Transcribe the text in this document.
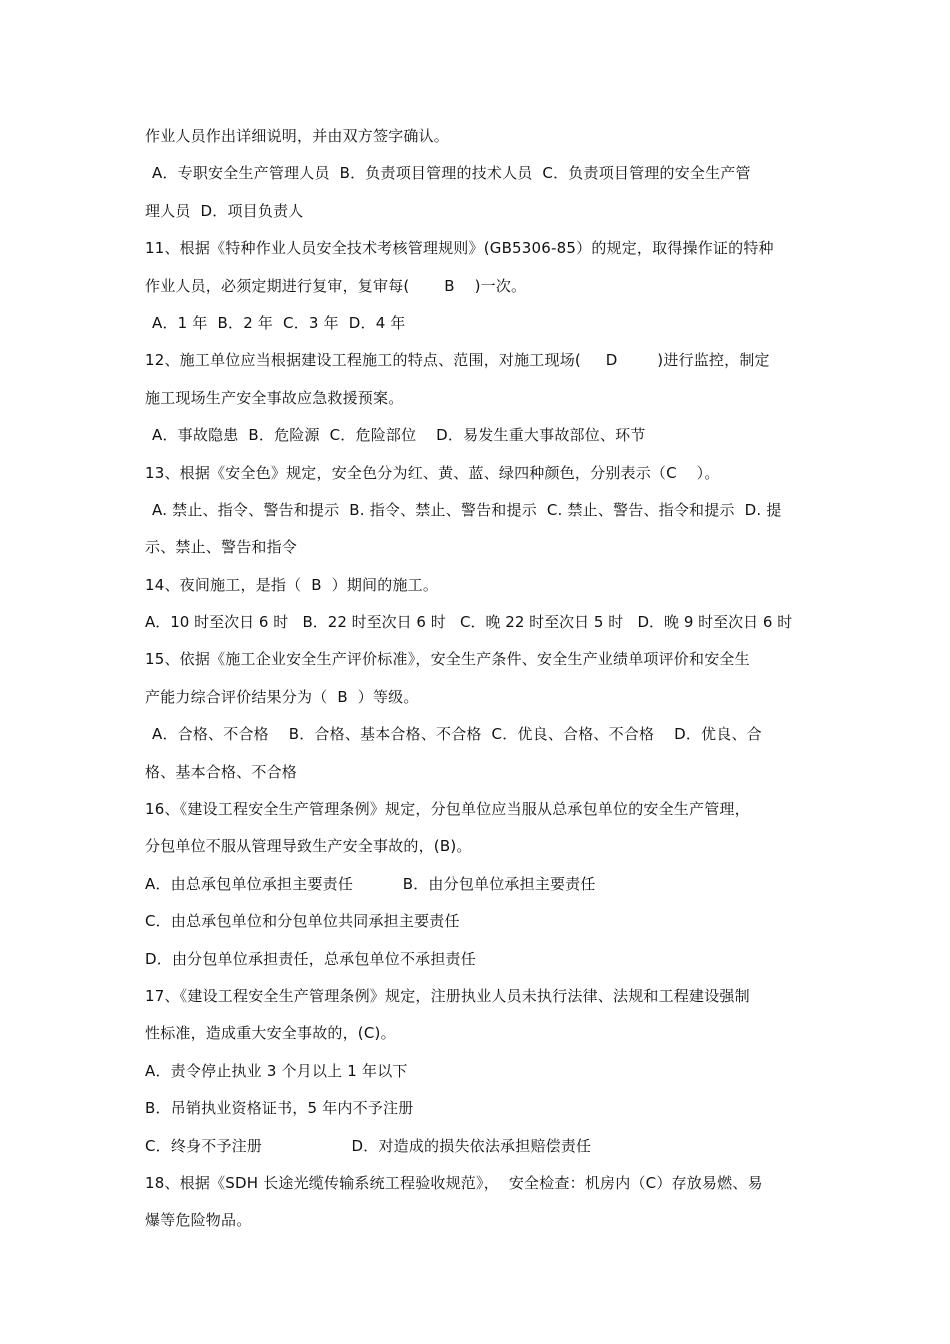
作业人员作出详细说明，并由双方签字确认。
A．专职安全生产管理人员  B．负责项目管理的技术人员  C．负责项目管理的安全生产管
理人员  D．项目负责人
11、根据《特种作业人员安全技术考核管理规则》(GB5306-85）的规定，取得操作证的特种
作业人员，必须定期进行复审，复审每(       B    )一次。
A．1 年  B．2 年  C．3 年  D．4 年
12、施工单位应当根据建设工程施工的特点、范围，对施工现场(     D        )进行监控，制定
施工现场生产安全事故应急救援预案。
A．事故隐患  B．危险源  C．危险部位    D．易发生重大事故部位、环节
13、根据《安全色》规定，安全色分为红、黄、蓝、绿四种颜色，分别表示（C    ）。
A. 禁止、指令、警告和提示  B. 指令、禁止、警告和提示  C. 禁止、警告、指令和提示  D. 提
示、禁止、警告和指令
14、夜间施工，是指（  B  ）期间的施工。
A．10 时至次日 6 时   B．22 时至次日 6 时   C．晚 22 时至次日 5 时   D．晚 9 时至次日 6 时
15、依据《施工企业安全生产评价标准》，安全生产条件、安全生产业绩单项评价和安全生
产能力综合评价结果分为（  B  ）等级。
A．合格、不合格    B．合格、基本合格、不合格  C．优良、合格、不合格    D．优良、合
格、基本合格、不合格
16、《建设工程安全生产管理条例》规定，分包单位应当服从总承包单位的安全生产管理，
分包单位不服从管理导致生产安全事故的，(B)。
A．由总承包单位承担主要责任          B．由分包单位承担主要责任
C．由总承包单位和分包单位共同承担主要责任
D．由分包单位承担责任，总承包单位不承担责任
17、《建设工程安全生产管理条例》规定，注册执业人员未执行法律、法规和工程建设强制
性标准，造成重大安全事故的，(C)。
A．责令停止执业 3 个月以上 1 年以下
B．吊销执业资格证书，5 年内不予注册
C．终身不予注册                  D．对造成的损失依法承担赔偿责任
18、根据《SDH 长途光缆传输系统工程验收规范》，  安全检查：机房内（C）存放易燃、易
爆等危险物品。
